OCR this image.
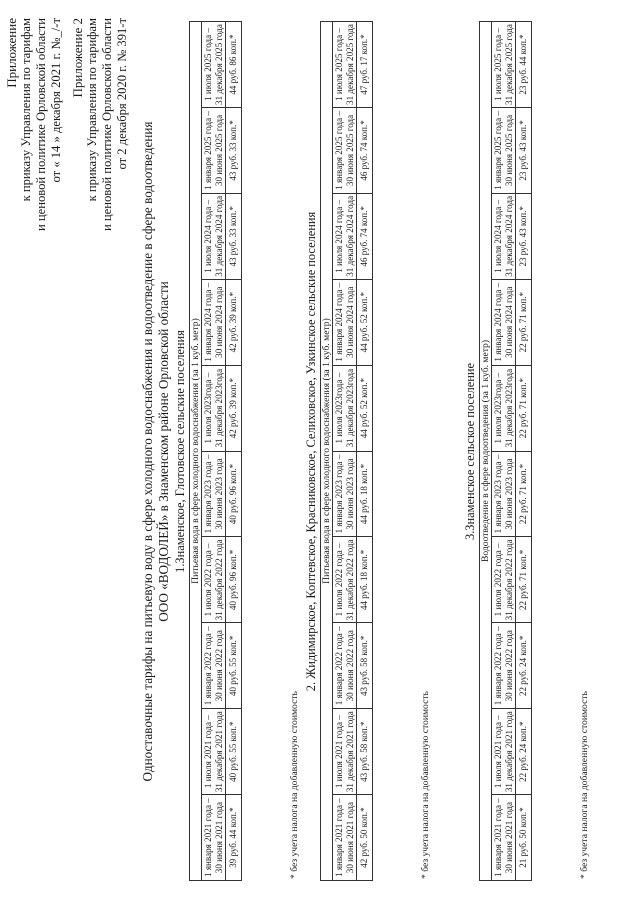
Приложение к приказу Управления по тарифам и ценовой политике Орловской области от « 14 » декабря 2021 г. №_/-т Приложение 2 к приказу Управления по тарифам и ценовой политике Орловской области от 2 декабря 2020 г. № 391-т
Одноставочные тарифы на питьевую воду в сфере холодного водоснабжения и водоотведение в сфере водоотведения ООО «ВОДОЛЕЙ» в Знаменском районе Орловской области 1.Знаменское, Глотовское сельские поселения Питьевая вода в сфере холодного водоснабжения (за 1 куб. метр)									
1 января 2021 года – 30 июня 2021 года	1 июля 2021 года – 31 декабря 2021 года	1 января 2022 года – 30 июня 2022 года	1 июля 2022 года – 31 декабря 2022 года	1 января 2023 года – 30 июня 2023 года	1 июля 2023года – 31 декабря 2023года	1 января 2024 года – 30 июня 2024 года	1 июля 2024 года – 31 декабря 2024 года	1 января 2025 года – 30 июня 2025 года	1 июля 2025 года – 31 декабря 2025 года
39 руб. 44 коп.*	40 руб. 55 коп.*	40 руб. 55 коп.*	40 руб. 96 коп.*	40 руб. 96 коп.*	42 руб. 39 коп.*	42 руб. 39 коп.*	43 руб. 33 коп.*	43 руб. 33 коп.*	44 руб. 86 коп.*
* без учета налога на добавленную стоимость
2. Жидимирское, Коптевское, Красниковское, Селиховское, Узкинское сельские поселения Питьевая вода в сфере холодного водоснабжения (за 1 куб. метр)									
1 января 2021 года – 30 июня 2021 года	1 июля 2021 года – 31 декабря 2021 года	1 января 2022 года – 30 июня 2022 года	1 июля 2022 года – 31 декабря 2022 года	1 января 2023 года – 30 июня 2023 года	1 июля 2023года – 31 декабря 2023года	1 января 2024 года – 30 июня 2024 года	1 июля 2024 года – 31 декабря 2024 года	1 января 2025 года – 30 июня 2025 года	1 июля 2025 года – 31 декабря 2025 года
42 руб. 50 коп.*	43 руб. 58 коп.*	43 руб. 58 коп.*	44 руб. 18 коп.*	44 руб. 18 коп.*	44 руб. 52 коп.*	44 руб. 52 коп.*	46 руб. 74 коп.*	46 руб. 74 коп.*	47 руб. 17 коп.*
* без учета налога на добавленную стоимость
3.Знаменское сельское поселение Водоотведение в сфере водоотведения (за 1 куб. метр)									
1 января 2021 года – 30 июня 2021 года	1 июля 2021 года – 31 декабря 2021 года	1 января 2022 года – 30 июня 2022 года	1 июля 2022 года – 31 декабря 2022 года	1 января 2023 года – 30 июня 2023 года	1 июля 2023года – 31 декабря 2023года	1 января 2024 года – 30 июня 2024 года	1 июля 2024 года – 31 декабря 2024 года	1 января 2025 года – 30 июня 2025 года	1 июля 2025 года – 31 декабря 2025 года
21 руб. 50 коп.*	22 руб. 24 коп.*	22 руб. 24 коп.*	22 руб. 71 коп.*	22 руб. 71 коп.*	22 руб. 71 коп.*	22 руб. 71 коп.*	23 руб. 43 коп.*	23 руб. 43 коп.*	23 руб. 44 коп.*
* без учета налога на добавленную стоимость
